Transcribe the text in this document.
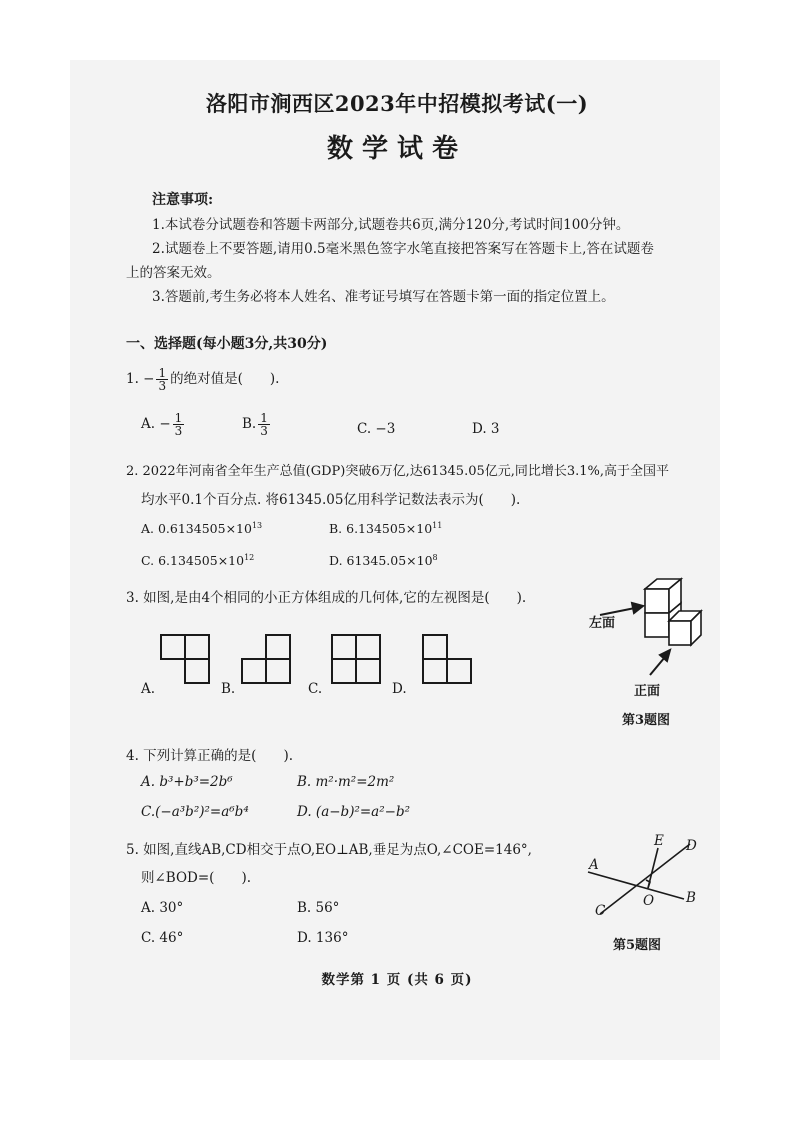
洛阳市涧西区2023年中招模拟考试(一)
数学试卷
注意事项:
1.本试卷分试题卷和答题卡两部分,试题卷共6页,满分120分,考试时间100分钟。
2.试题卷上不要答题,请用0.5毫米黑色签字水笔直接把答案写在答题卡上,答在试题卷
上的答案无效。
3.答题前,考生务必将本人姓名、准考证号填写在答题卡第一面的指定位置上。
一、选择题(每小题3分,共30分)
1. − $\frac{1}{3}$ 的绝对值是(　　).
A. − $\frac{1}{3}$	B. $\frac{1}{3}$	C. −3	D. 3
2. 2022年河南省全年生产总值(GDP)突破6万亿,达61345.05亿元,同比增长3.1%,高于全国平
均水平0.1个百分点. 将61345.05亿用科学记数法表示为(　　).
A. $0.6134505\times 10^{13}$	B. $6.134505\times 10^{11}$
C. $6.134505\times 10^{12}$	D. $61345.05\times 10^8$
3. 如图,是由4个相同的小正方体组成的几何体,它的左视图是(　　).
A.	B.	C.	D.
左面
正面
第3题图
4. 下列计算正确的是(　　).
A. b³+b³=2b⁶	B. m²·m²=2m²
C.(−a³b²)²=a⁶b⁴	D. (a−b)²=a²−b²
5. 如图,直线AB,CD相交于点O,EO⊥AB,垂足为点O,∠COE=146°,
则∠BOD=(　　).
A. 30°	B. 56°
C. 46°	D. 136°
A
B
C
D
E
O
第5题图
数学第 1 页 (共 6 页)
